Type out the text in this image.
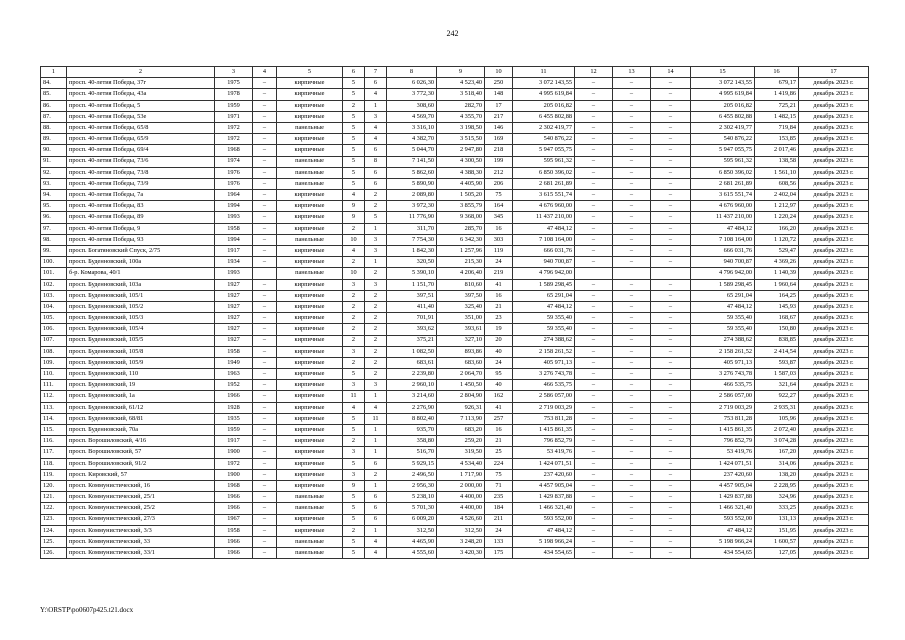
242
1	2	3	4	5	6	7	8	9	10	11	12	13	14	15	16	17
84.	просп. 40-летия Победы, 37г	1975	–	кирпичные	5	6	6 026,30	4 523,40	250	3 072 143,55	–	–	–	3 072 143,55	679,17	декабрь 2023 г.
85.	просп. 40-летия Победы, 43а	1978	–	кирпичные	5	4	3 772,30	3 518,40	148	4 995 619,84	–	–	–	4 995 619,84	1 419,86	декабрь 2023 г.
86.	просп. 40-летия Победы, 5	1959	–	кирпичные	2	1	308,60	282,70	17	205 016,82	–	–	–	205 016,82	725,21	декабрь 2023 г.
87.	просп. 40-летия Победы, 53е	1971	–	кирпичные	5	3	4 569,70	4 355,70	217	6 455 802,88	–	–	–	6 455 802,88	1 482,15	декабрь 2023 г.
88.	просп. 40-летия Победы, 65/8	1972	–	панельные	5	4	3 316,10	3 198,50	146	2 302 419,77	–	–	–	2 302 419,77	719,84	декабрь 2023 г.
89.	просп. 40-летия Победы, 65/9	1972	–	кирпичные	5	4	4 382,70	3 515,50	169	540 876,22	–	–	–	540 876,22	153,85	декабрь 2023 г.
90.	просп. 40-летия Победы, 69/4	1968	–	кирпичные	5	6	5 044,70	2 947,80	218	5 947 055,75	–	–	–	5 947 055,75	2 017,46	декабрь 2023 г.
91.	просп. 40-летия Победы, 73/6	1974	–	панельные	5	8	7 141,50	4 300,50	199	595 961,32	–	–	–	595 961,32	138,58	декабрь 2023 г.
92.	просп. 40-летия Победы, 73/8	1976	–	панельные	5	6	5 862,60	4 388,30	212	6 850 396,02	–	–	–	6 850 396,02	1 561,10	декабрь 2023 г.
93.	просп. 40-летия Победы, 73/9	1976	–	панельные	5	6	5 890,90	4 405,90	206	2 681 261,89	–	–	–	2 681 261,89	608,56	декабрь 2023 г.
94.	просп. 40-летия Победы, 7а	1964	–	кирпичные	4	2	2 089,80	1 505,20	75	3 615 551,74	–	–	–	3 615 551,74	2 402,04	декабрь 2023 г.
95.	просп. 40-летия Победы, 83	1994	–	кирпичные	9	2	3 972,30	3 855,79	164	4 676 960,00	–	–	–	4 676 960,00	1 212,97	декабрь 2023 г.
96.	просп. 40-летия Победы, 89	1993	–	кирпичные	9	5	11 776,90	9 368,00	345	11 437 210,00	–	–	–	11 437 210,00	1 220,24	декабрь 2023 г.
97.	просп. 40-летия Победы, 9	1958	–	кирпичные	2	1	311,70	285,70	16	47 484,12	–	–	–	47 484,12	166,20	декабрь 2023 г.
98.	просп. 40-летия Победы, 93	1994	–	панельные	10	3	7 754,30	6 342,30	303	7 108 164,00	–	–	–	7 108 164,00	1 120,72	декабрь 2023 г.
99.	просп. Богатяновский Спуск, 2/75	1917	–	кирпичные	4	3	1 842,30	1 257,96	119	666 031,76	–	–	–	666 031,76	529,47	декабрь 2023 г.
100.	просп. Буденновский, 100а	1934	–	кирпичные	2	1	320,50	215,30	24	940 700,87	–	–	–	940 700,87	4 369,26	декабрь 2023 г.
101.	б-р. Комарова, 40/1	1993		панельные	10	2	5 390,10	4 206,40	219	4 796 942,00				4 796 942,00	1 140,39	декабрь 2023 г.
102.	просп. Буденновский, 103а	1927	–	кирпичные	3	3	1 151,70	810,60	41	1 589 298,45	–	–	–	1 589 298,45	1 960,64	декабрь 2023 г.
103.	просп. Буденновский, 105/1	1927	–	кирпичные	2	2	397,51	397,50	16	65 291,04	–	–	–	65 291,04	164,25	декабрь 2023 г.
104.	просп. Буденновский, 105/2	1927	–	кирпичные	2	2	411,40	325,40	21	47 484,12	–	–	–	47 484,12	145,93	декабрь 2023 г.
105.	просп. Буденновский, 105/3	1927	–	кирпичные	2	2	701,91	351,00	23	59 355,40	–	–	–	59 355,40	168,67	декабрь 2023 г.
106.	просп. Буденновский, 105/4	1927	–	кирпичные	2	2	393,62	393,61	19	59 355,40	–	–	–	59 355,40	150,80	декабрь 2023 г.
107.	просп. Буденновский, 105/5	1927	–	кирпичные	2	2	375,21	327,10	20	274 388,62	–	–	–	274 388,62	838,85	декабрь 2023 г.
108.	просп. Буденновский, 105/8	1958	–	кирпичные	3	2	1 082,50	893,86	40	2 158 261,52	–	–	–	2 158 261,52	2 414,54	декабрь 2023 г.
109.	просп. Буденновский, 105/9	1949	–	кирпичные	2	2	683,61	683,60	24	405 971,13	–	–	–	405 971,13	593,87	декабрь 2023 г.
110.	просп. Буденновский, 110	1963	–	кирпичные	5	2	2 239,80	2 064,70	95	3 276 743,78	–	–	–	3 276 743,78	1 587,03	декабрь 2023 г.
111.	просп. Буденновский, 19	1952	–	кирпичные	3	3	2 960,10	1 450,50	40	466 535,75	–	–	–	466 535,75	321,64	декабрь 2023 г.
112.	просп. Буденновский, 1а	1966	–	кирпичные	11	1	3 214,60	2 804,90	162	2 586 057,00	–	–	–	2 586 057,00	922,27	декабрь 2023 г.
113.	просп. Буденновский, 61/12	1928	–	кирпичные	4	4	2 276,90	926,31	41	2 719 003,29	–	–	–	2 719 003,29	2 935,31	декабрь 2023 г.
114.	просп. Буденновский, 68/81	1935	–	кирпичные	5	11	8 802,40	7 113,90	257	753 811,28	–	–	–	753 811,28	105,96	декабрь 2023 г.
115.	просп. Буденновский, 70а	1959	–	кирпичные	5	1	935,70	683,20	16	1 415 861,35	–	–	–	1 415 861,35	2 072,40	декабрь 2023 г.
116.	просп. Ворошиловский, 4/16	1917	–	кирпичные	2	1	358,80	259,20	21	796 852,79	–	–	–	796 852,79	3 074,28	декабрь 2023 г.
117.	просп. Ворошиловский, 57	1900	–	кирпичные	3	1	516,70	319,50	25	53 419,76	–	–	–	53 419,76	167,20	декабрь 2023 г.
118.	просп. Ворошиловский, 91/2	1972	–	кирпичные	5	6	5 929,15	4 534,40	224	1 424 071,51	–	–	–	1 424 071,51	314,06	декабрь 2023 г.
119.	просп. Кировский, 57	1900	–	кирпичные	3	2	2 496,50	1 717,90	75	237 420,60	–	–	–	237 420,60	138,20	декабрь 2023 г.
120.	просп. Коммунистический, 16	1968	–	кирпичные	9	1	2 956,30	2 000,00	71	4 457 905,04	–	–	–	4 457 905,04	2 228,95	декабрь 2023 г.
121.	просп. Коммунистический, 25/1	1966	–	панельные	5	6	5 238,10	4 400,00	235	1 429 837,88	–	–	–	1 429 837,88	324,96	декабрь 2023 г.
122.	просп. Коммунистический, 25/2	1966	–	панельные	5	6	5 701,30	4 400,00	184	1 466 321,40	–	–	–	1 466 321,40	333,25	декабрь 2023 г.
123.	просп. Коммунистический, 27/3	1967	–	кирпичные	5	6	6 009,20	4 526,60	211	593 552,00	–	–	–	593 552,00	131,13	декабрь 2023 г.
124.	просп. Коммунистический, 3/3	1958	–	кирпичные	2	1	312,50	312,50	24	47 484,12	–	–	–	47 484,12	151,95	декабрь 2023 г.
125.	просп. Коммунистический, 33	1966	–	панельные	5	4	4 465,90	3 248,20	133	5 198 966,24	–	–	–	5 198 966,24	1 600,57	декабрь 2023 г.
126.	просп. Коммунистический, 33/1	1966	–	панельные	5	4	4 555,60	3 420,30	175	434 554,65	–	–	–	434 554,65	127,05	декабрь 2023 г.
Y:\ORSTP\ро0607р425.t21.docx
